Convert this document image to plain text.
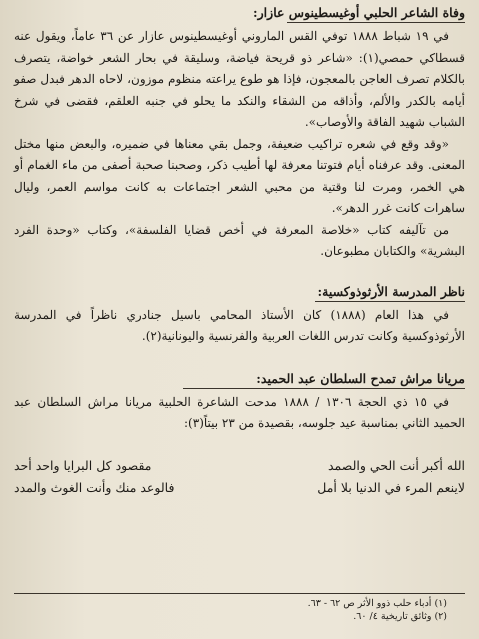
وفاة الشاعر الحلبي أوغيسطينوس عازار:

في ١٩ شباط ١٨٨٨ توفي القس الماروني أوغيسطينوس عازار عن ٣٦ عاماً، ويقول عنه قسطاكي حمصي(١): «شاعر ذو قريحة فياضة، وسليقة في بحار الشعر خواضة، يتصرف بالكلام تصرف العاجن بالمعجون، فإذا هو طوع يراعته منظوم موزون، لاحاه الدهر فبدل صفو أيامه بالكدر والألم، وأذاقه من الشقاء والنكد ما يحلو في جنبه العلقم، فقضى في شرخ الشباب شهيد الفاقة والأوصاب».

«وقد وقع في شعره تراكيب ضعيفة، وجمل بقي معناها في ضميره، والبعض منها مختل المعنى. وقد عرفناه أيام فتوتنا معرفة لها أطيب ذكر، وصحبنا صحبة أصفى من ماء الغمام أو هي الخمر، ومرت لنا وقتية من محبي الشعر اجتماعات به كانت مواسم العمر، وليال ساهرات كانت غرر الدهر».

من تآليفه كتاب «خلاصة المعرفة في أخص قضايا الفلسفة»، وكتاب «وحدة الفرد البشرية» والكتابان مطبوعان.

ناظر المدرسة الأرثوذوكسية:

في هذا العام (١٨٨٨) كان الأستاذ المحامي باسيل جنادري ناظراً في المدرسة الأرثوذوكسية وكانت تدرس اللغات العربية والفرنسية واليونانية(٢).

مريانا مراش تمدح السلطان عبد الحميد:

في ١٥ ذي الحجة ١٣٠٦ / ١٨٨٨ مدحت الشاعرة الحلبية مريانا مراش السلطان عبد الحميد الثاني بمناسبة عيد جلوسه، بقصيدة من ٢٣ بيتاً(٣):

الله أكبر أنت الحي والصمد
مقصود كل البرايا واحد أحد
لاينعم المرء في الدنيا بلا أمل
فالوعد منك وأنت الغوث والمدد

(١) أدباء حلب ذوو الأثر ص ٦٢ - ٦٣.

(٢) وثائق تاريخية ٤/ ٦٠.
